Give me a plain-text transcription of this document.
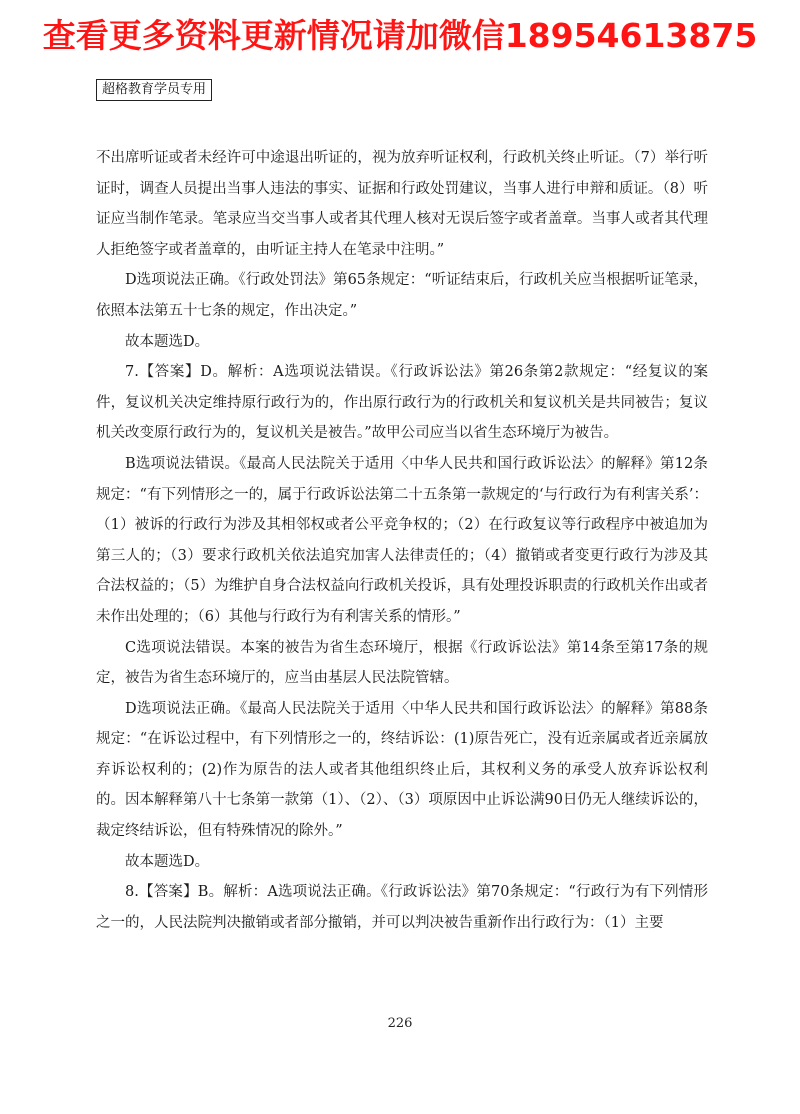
查看更多资料更新情况请加微信18954613875
超格教育学员专用

不出席听证或者未经许可中途退出听证的，视为放弃听证权利，行政机关终止听证。（7）举行听证时，调查人员提出当事人违法的事实、证据和行政处罚建议，当事人进行申辩和质证。（8）听证应当制作笔录。笔录应当交当事人或者其代理人核对无误后签字或者盖章。当事人或者其代理人拒绝签字或者盖章的，由听证主持人在笔录中注明。”

D选项说法正确。《行政处罚法》第65条规定：“听证结束后，行政机关应当根据听证笔录，依照本法第五十七条的规定，作出决定。”

故本题选D。

7.【答案】D。解析：A选项说法错误。《行政诉讼法》第26条第2款规定：“经复议的案件，复议机关决定维持原行政行为的，作出原行政行为的行政机关和复议机关是共同被告；复议机关改变原行政行为的，复议机关是被告。”故甲公司应当以省生态环境厅为被告。

B选项说法错误。《最高人民法院关于适用〈中华人民共和国行政诉讼法〉的解释》第12条规定：“有下列情形之一的，属于行政诉讼法第二十五条第一款规定的‘与行政行为有利害关系’：（1）被诉的行政行为涉及其相邻权或者公平竞争权的；（2）在行政复议等行政程序中被追加为第三人的；（3）要求行政机关依法追究加害人法律责任的；（4）撤销或者变更行政行为涉及其合法权益的；（5）为维护自身合法权益向行政机关投诉，具有处理投诉职责的行政机关作出或者未作出处理的；（6）其他与行政行为有利害关系的情形。”

C选项说法错误。本案的被告为省生态环境厅，根据《行政诉讼法》第14条至第17条的规定，被告为省生态环境厅的，应当由基层人民法院管辖。

D选项说法正确。《最高人民法院关于适用〈中华人民共和国行政诉讼法〉的解释》第88条规定：“在诉讼过程中，有下列情形之一的，终结诉讼：(1)原告死亡，没有近亲属或者近亲属放弃诉讼权利的；(2)作为原告的法人或者其他组织终止后，其权利义务的承受人放弃诉讼权利的。因本解释第八十七条第一款第（1）、（2）、（3）项原因中止诉讼满90日仍无人继续诉讼的，裁定终结诉讼，但有特殊情况的除外。”

故本题选D。

8.【答案】B。解析：A选项说法正确。《行政诉讼法》第70条规定：“行政行为有下列情形之一的，人民法院判决撤销或者部分撤销，并可以判决被告重新作出行政行为：（1）主要

226
